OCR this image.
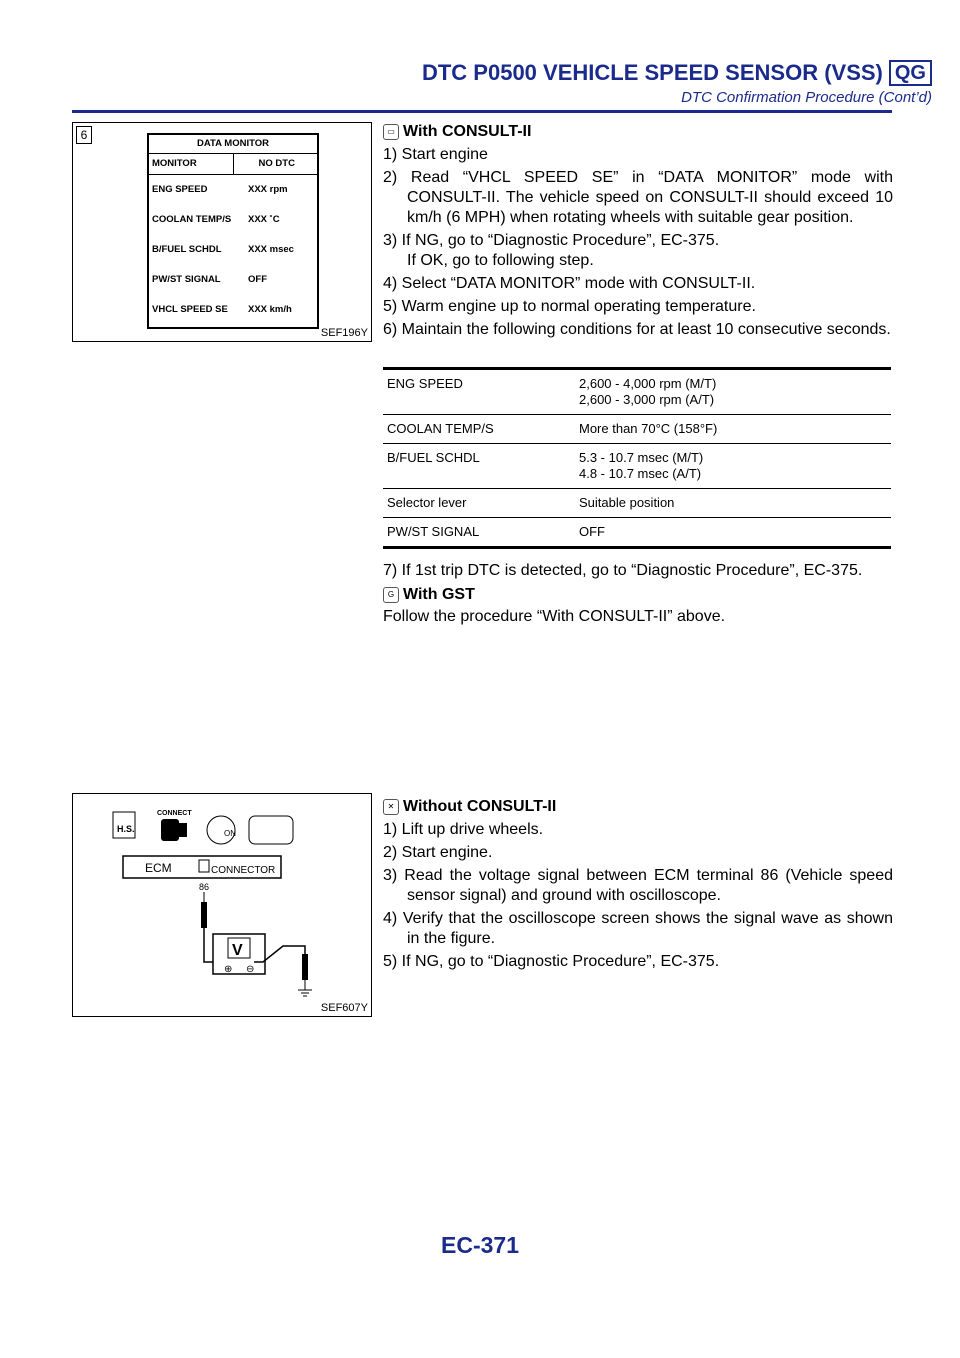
DTC P0500 VEHICLE SPEED SENSOR (VSS) QG
DTC Confirmation Procedure (Cont’d)
6
DATA MONITOR
MONITOR	NO DTC
ENG SPEED	XXX rpm
COOLAN TEMP/S	XXX ˚C
B/FUEL SCHDL	XXX msec
PW/ST SIGNAL	OFF
VHCL SPEED SE	XXX km/h
SEF196Y
▭ With CONSULT-II
1) Start engine
2) Read “VHCL SPEED SE” in “DATA MONITOR” mode with CONSULT-II. The vehicle speed on CONSULT-II should exceed 10 km/h (6 MPH) when rotating wheels with suitable gear position.
3) If NG, go to “Diagnostic Procedure”, EC-375.
If OK, go to following step.
4) Select “DATA MONITOR” mode with CONSULT-II.
5) Warm engine up to normal operating temperature.
6) Maintain the following conditions for at least 10 consecutive seconds.
ENG SPEED	2,600 - 4,000 rpm (M/T)
2,600 - 3,000 rpm (A/T)

COOLAN TEMP/S	More than 70°C (158°F)

B/FUEL SCHDL	5.3 - 10.7 msec (M/T)
4.8 - 10.7 msec (A/T)

Selector lever	Suitable position

PW/ST SIGNAL	OFF
7) If 1st trip DTC is detected, go to “Diagnostic Procedure”, EC-375.
G With GST
Follow the procedure “With CONSULT-II” above.
H.S.
CONNECT
ON
ECM	CONNECTOR
86
V
⊕ ⊖
SEF607Y
✕ Without CONSULT-II
1) Lift up drive wheels.
2) Start engine.
3) Read the voltage signal between ECM terminal 86 (Vehicle speed sensor signal) and ground with oscilloscope.
4) Verify that the oscilloscope screen shows the signal wave as shown in the figure.
5) If NG, go to “Diagnostic Procedure”, EC-375.
EC-371
